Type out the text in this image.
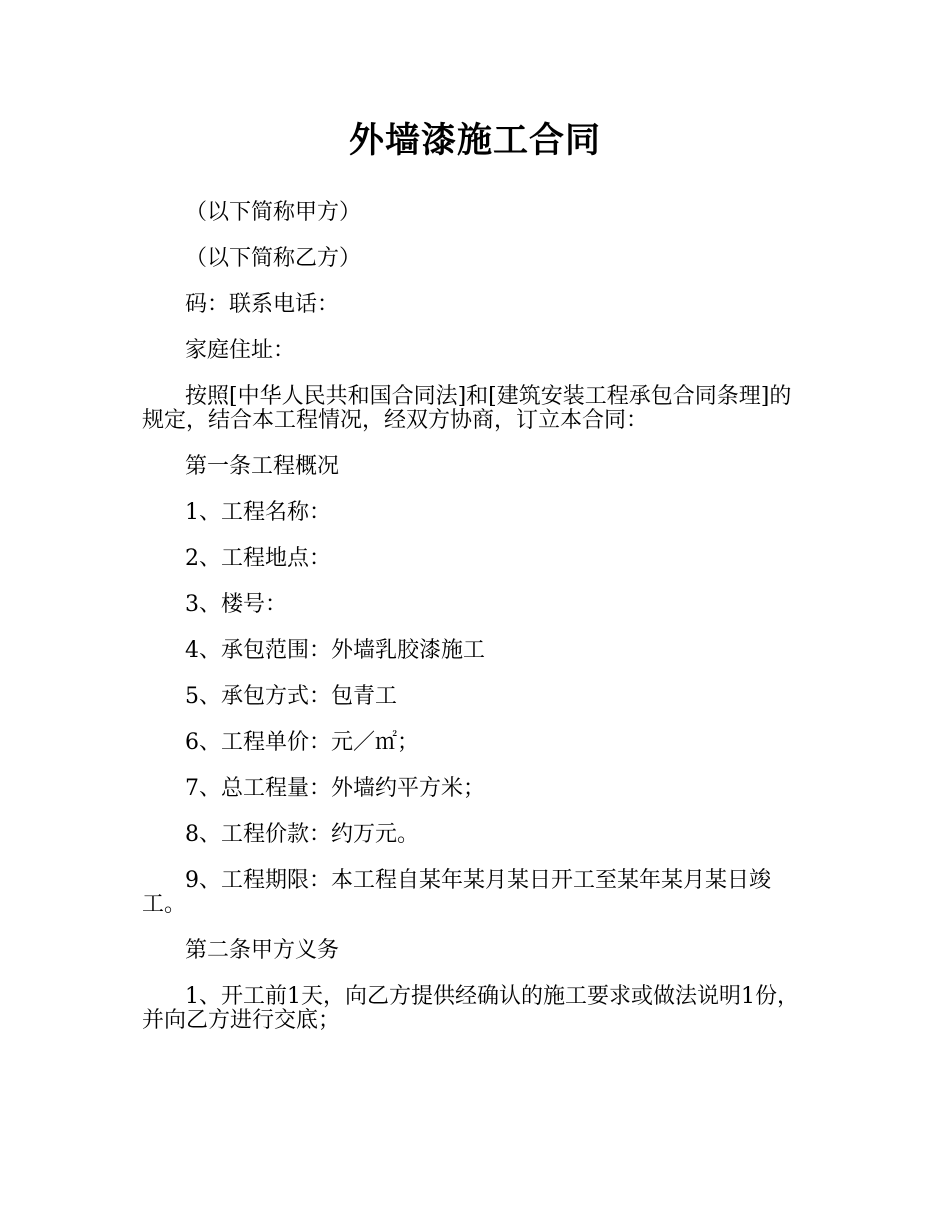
外墙漆施工合同

（以下简称甲方）

（以下简称乙方）

码：联系电话：

家庭住址：

按照[中华人民共和国合同法]和[建筑安装工程承包合同条理]的规定，结合本工程情况，经双方协商，订立本合同：

第一条工程概况

1、工程名称：

2、工程地点：

3、楼号：

4、承包范围：外墙乳胶漆施工

5、承包方式：包青工

6、工程单价：元／㎡；

7、总工程量：外墙约平方米；

8、工程价款：约万元。

9、工程期限：本工程自某年某月某日开工至某年某月某日竣工。

第二条甲方义务

1、开工前1天，向乙方提供经确认的施工要求或做法说明1份，并向乙方进行交底；
